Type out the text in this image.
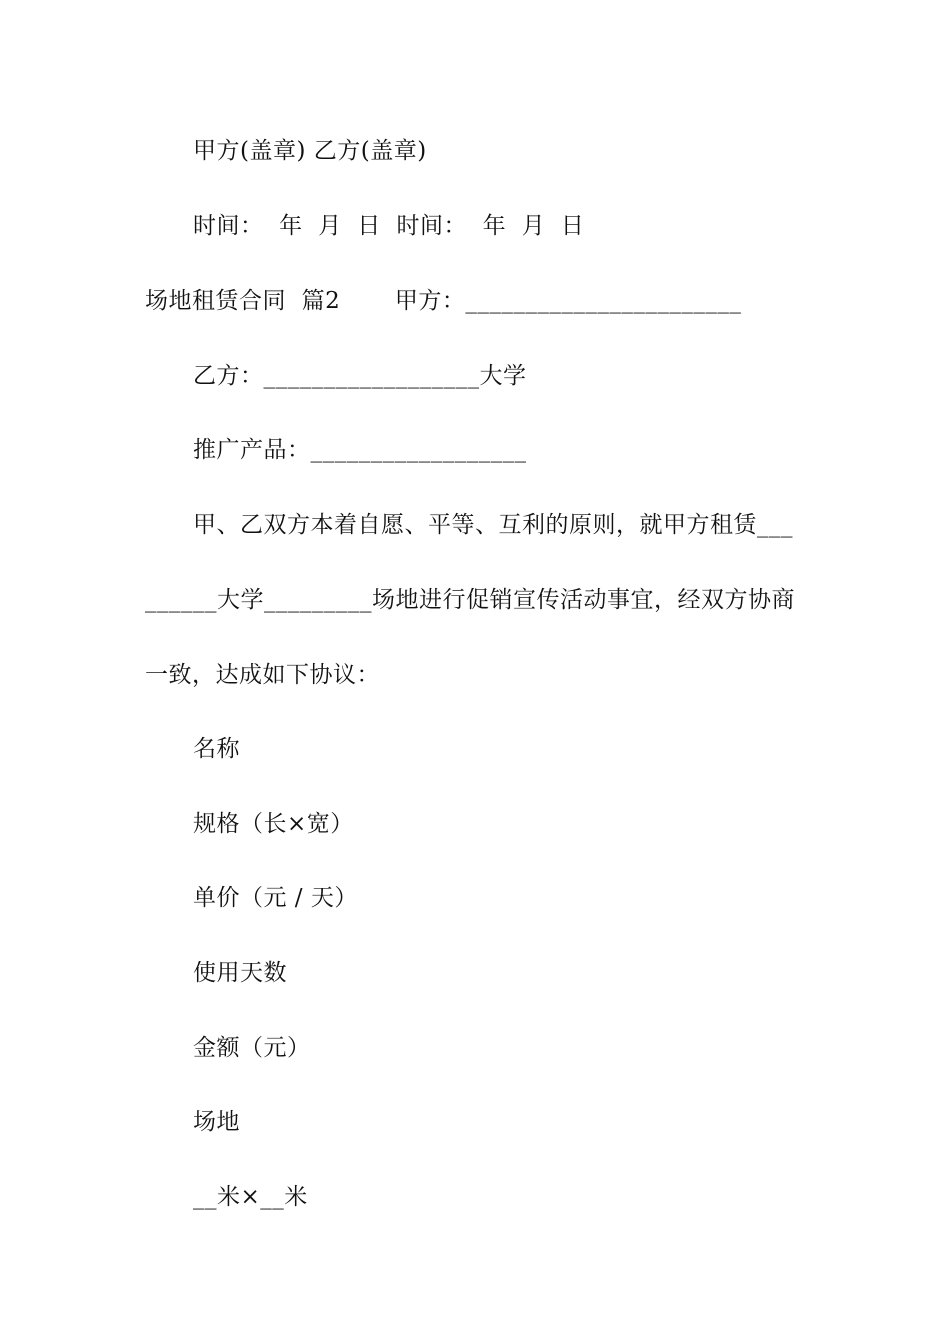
甲方(盖章) 乙方(盖章)
时间：  年  月  日  时间：  年  月  日
场地租赁合同  篇2       甲方：_______________________
乙方：__________________大学
推广产品：__________________
甲、乙双方本着自愿、平等、互利的原则，就甲方租赁___
______大学_________场地进行促销宣传活动事宜，经双方协商
一致，达成如下协议：
名称
规格（长×宽）
单价（元 / 天）
使用天数
金额（元）
场地
__米×__米
